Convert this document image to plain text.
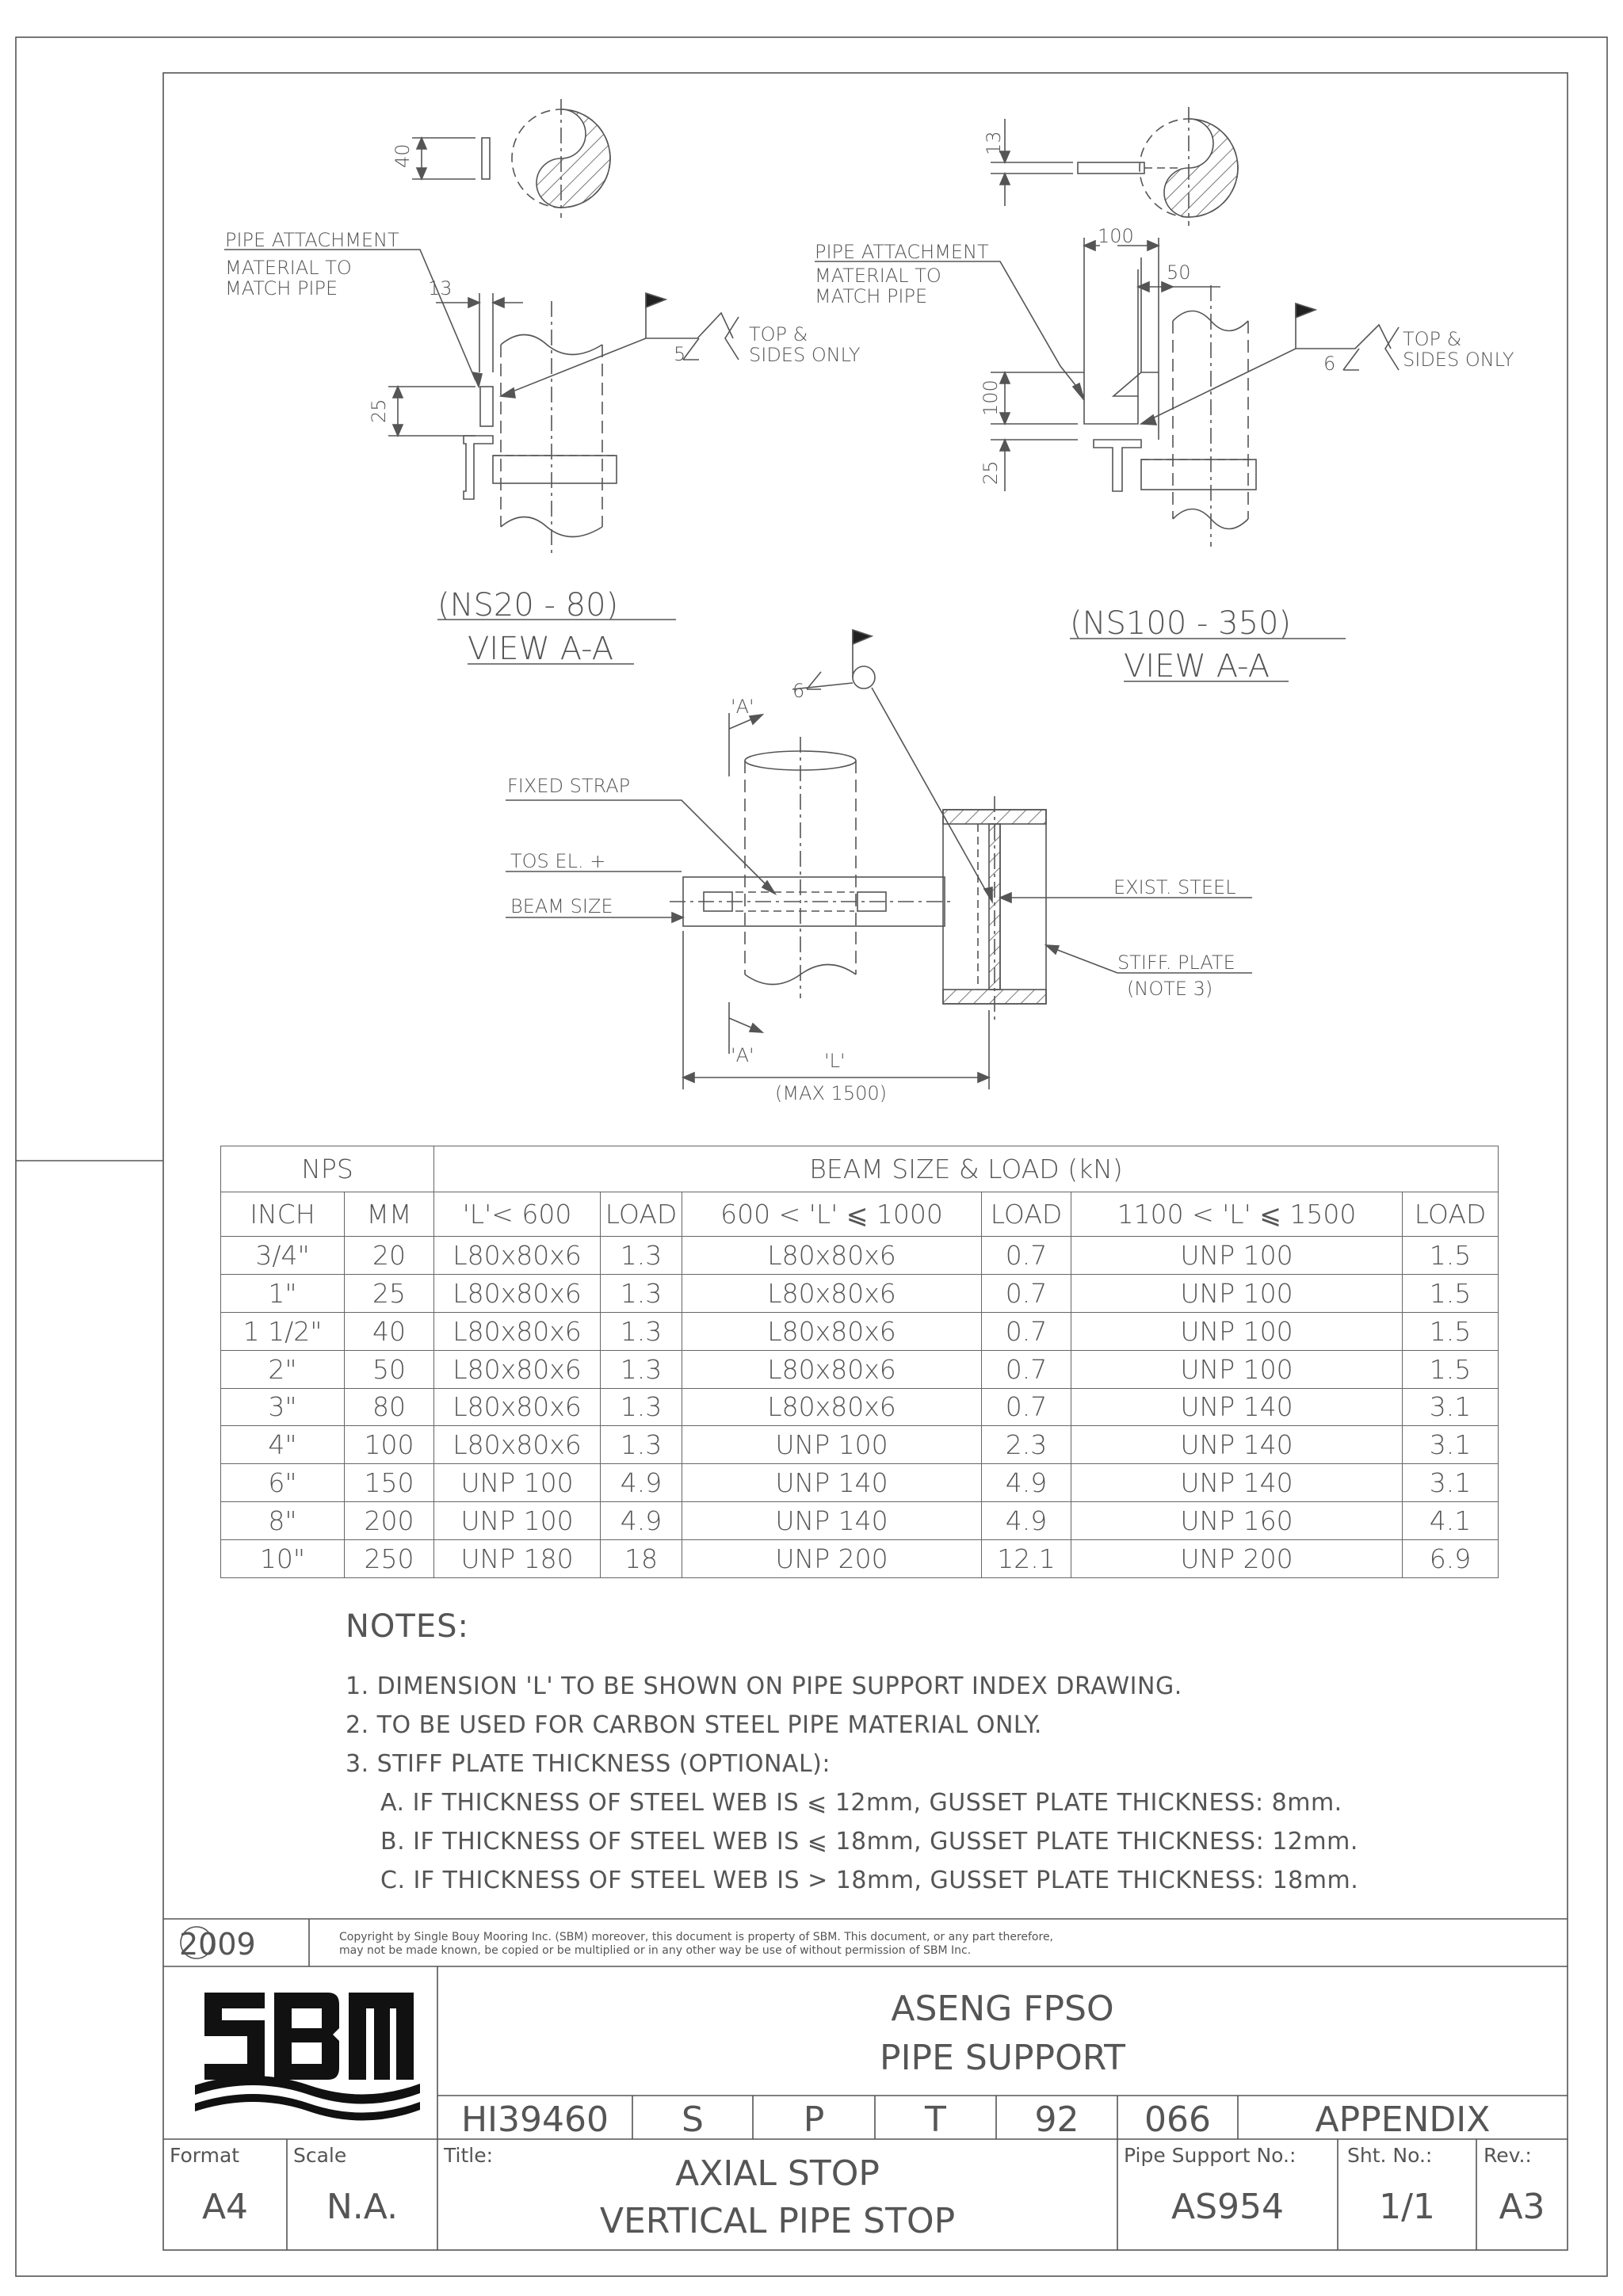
PIPE ATTACHMENT
MATERIAL TO
MATCH PIPE	13
5
TOP &
SIDES ONLY
40
25
(NS20 - 80)
VIEW A-A
PIPE ATTACHMENT
MATERIAL TO
MATCH PIPE
100
50
6
TOP &
SIDES ONLY
13
100
25
(NS100 - 350)
VIEW A-A
6
'A'
'A'
FIXED STRAP
TOS EL. +
BEAM SIZE
EXIST. STEEL
STIFF. PLATE
(NOTE 3)
'L'
(MAX 1500)
NPS		BEAM SIZE & LOAD (kN)					
INCH	MM	'L'< 600	LOAD	600 < 'L' ⩽ 1000	LOAD	1100 < 'L' ⩽ 1500	LOAD
3/4"	20	L80x80x6	1.3	L80x80x6	0.7	UNP 100	1.5
1"	25	L80x80x6	1.3	L80x80x6	0.7	UNP 100	1.5
1 1/2"	40	L80x80x6	1.3	L80x80x6	0.7	UNP 100	1.5
2"	50	L80x80x6	1.3	L80x80x6	0.7	UNP 100	1.5
3"	80	L80x80x6	1.3	L80x80x6	0.7	UNP 140	3.1
4"	100	L80x80x6	1.3	UNP 100	2.3	UNP 140	3.1
6"	150	UNP 100	4.9	UNP 140	4.9	UNP 140	3.1
8"	200	UNP 100	4.9	UNP 140	4.9	UNP 160	4.1
10"	250	UNP 180	18	UNP 200	12.1	UNP 200	6.9
NOTES:
1. DIMENSION 'L' TO BE SHOWN ON PIPE SUPPORT INDEX DRAWING.
2. TO BE USED FOR CARBON STEEL PIPE MATERIAL ONLY.
3. STIFF PLATE THICKNESS (OPTIONAL):
A. IF THICKNESS OF STEEL WEB IS ⩽ 12mm, GUSSET PLATE THICKNESS: 8mm.
B. IF THICKNESS OF STEEL WEB IS ⩽ 18mm, GUSSET PLATE THICKNESS: 12mm.
C. IF THICKNESS OF STEEL WEB IS > 18mm, GUSSET PLATE THICKNESS: 18mm.
2009	Copyright by Single Bouy Mooring Inc. (SBM) moreover, this document is property of SBM. This document, or any part therefore,
may not be made known, be copied or be multiplied or in any other way be use of without permission of SBM Inc.
ASENG FPSO
PIPE SUPPORT
HI39460	S	P	T	92	066	APPENDIX
Format
A4
Scale
N.A.
Title:	AXIAL STOP
VERTICAL PIPE STOP
Pipe Support No.:
AS954
Sht. No.:
1/1
Rev.:
A3
